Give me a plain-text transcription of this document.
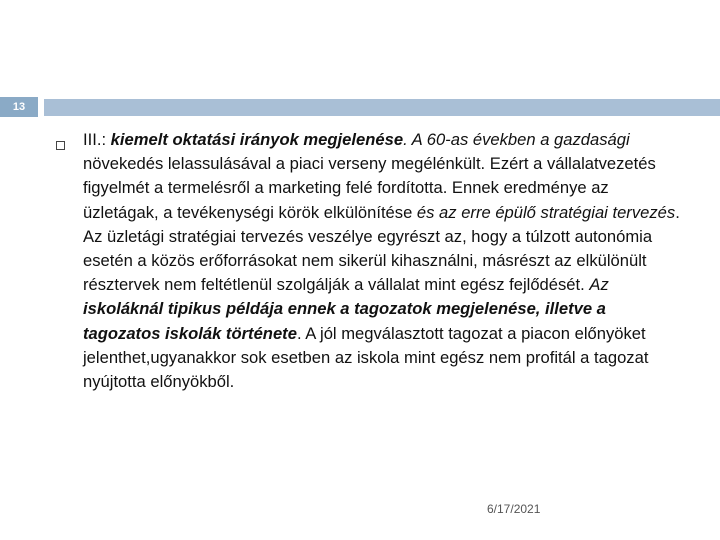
13

III.: kiemelt oktatási irányok megjelenése. A 60-as években a gazdasági növekedés lelassulásával a piaci verseny megélénkült. Ezért a vállalatvezetés figyelmét a termelésről a marketing felé fordította. Ennek eredménye az üzletágak, a tevékenységi körök elkülönítése és az erre épülő stratégiai tervezés. Az üzletági stratégiai tervezés veszélye egyrészt az, hogy a túlzott autonómia esetén a közös erőforrásokat nem sikerül kihasználni, másrészt az elkülönült résztervek nem feltétlenül szolgálják a vállalat mint egész fejlődését. Az iskoláknál tipikus példája ennek a tagozatok megjelenése, illetve a tagozatos iskolák története. A jól megválasztott tagozat a piacon előnyöket jelenthet,ugyanakkor sok esetben az iskola mint egész nem profitál a tagozat nyújtotta előnyökből.

6/17/2021
